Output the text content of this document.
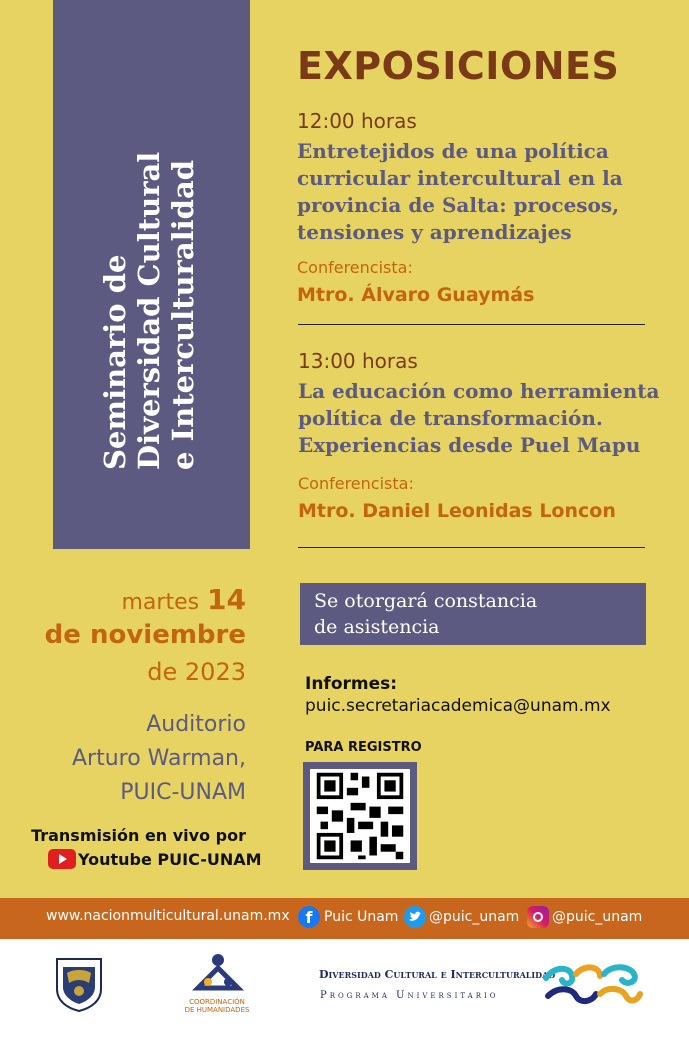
Seminario de Diversidad Cultural e Interculturalidad
EXPOSICIONES
12:00 horas
Entretejidos de una política
curricular intercultural en la
provincia de Salta: procesos,
tensiones y aprendizajes
Conferencista:
Mtro. Álvaro Guaymás
13:00 horas
La educación como herramienta
política de transformación.
Experiencias desde Puel Mapu
Conferencista:
Mtro. Daniel Leonidas Loncon
martes 14
de noviembre
de 2023
Auditorio
Arturo Warman,
PUIC-UNAM
Transmisión en vivo por
Youtube PUIC-UNAM
Se otorgará constancia
de asistencia
Informes:
puic.secretariacademica@unam.mx
PARA REGISTRO
www.nacionmulticultural.unam.mx f Puic Unam @puic_unam @puic_unam
COORDINACIÓN DE HUMANIDADES
Diversidad Cultural e Interculturalidad
Programa Universitario
